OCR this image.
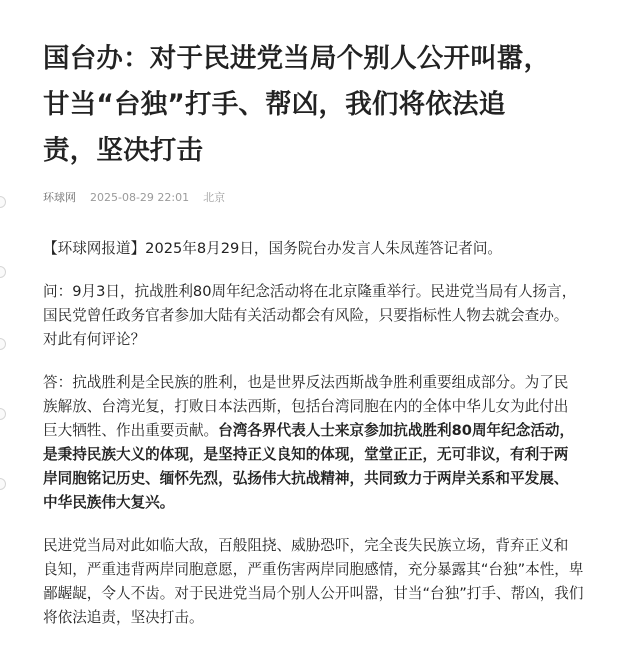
国台办：对于民进党当局个别人公开叫嚣，
甘当“台独”打手、帮凶，我们将依法追
责，坚决打击
环球网 2025-08-29 22:01 北京

【环球网报道】2025年8月29日，国务院台办发言人朱凤莲答记者问。

问：9月3日，抗战胜利80周年纪念活动将在北京隆重举行。民进党当局有人扬言，
国民党曾任政务官者参加大陆有关活动都会有风险，只要指标性人物去就会查办。
对此有何评论？

答：抗战胜利是全民族的胜利，也是世界反法西斯战争胜利重要组成部分。为了民
族解放、台湾光复，打败日本法西斯，包括台湾同胞在内的全体中华儿女为此付出
巨大牺牲、作出重要贡献。台湾各界代表人士来京参加抗战胜利80周年纪念活动，
是秉持民族大义的体现，是坚持正义良知的体现，堂堂正正，无可非议，有利于两
岸同胞铭记历史、缅怀先烈，弘扬伟大抗战精神，共同致力于两岸关系和平发展、
中华民族伟大复兴。

民进党当局对此如临大敌，百般阻挠、威胁恐吓，完全丧失民族立场，背弃正义和
良知，严重违背两岸同胞意愿，严重伤害两岸同胞感情，充分暴露其“台独”本性，卑
鄙龌龊，令人不齿。对于民进党当局个别人公开叫嚣，甘当“台独”打手、帮凶，我们
将依法追责，坚决打击。
